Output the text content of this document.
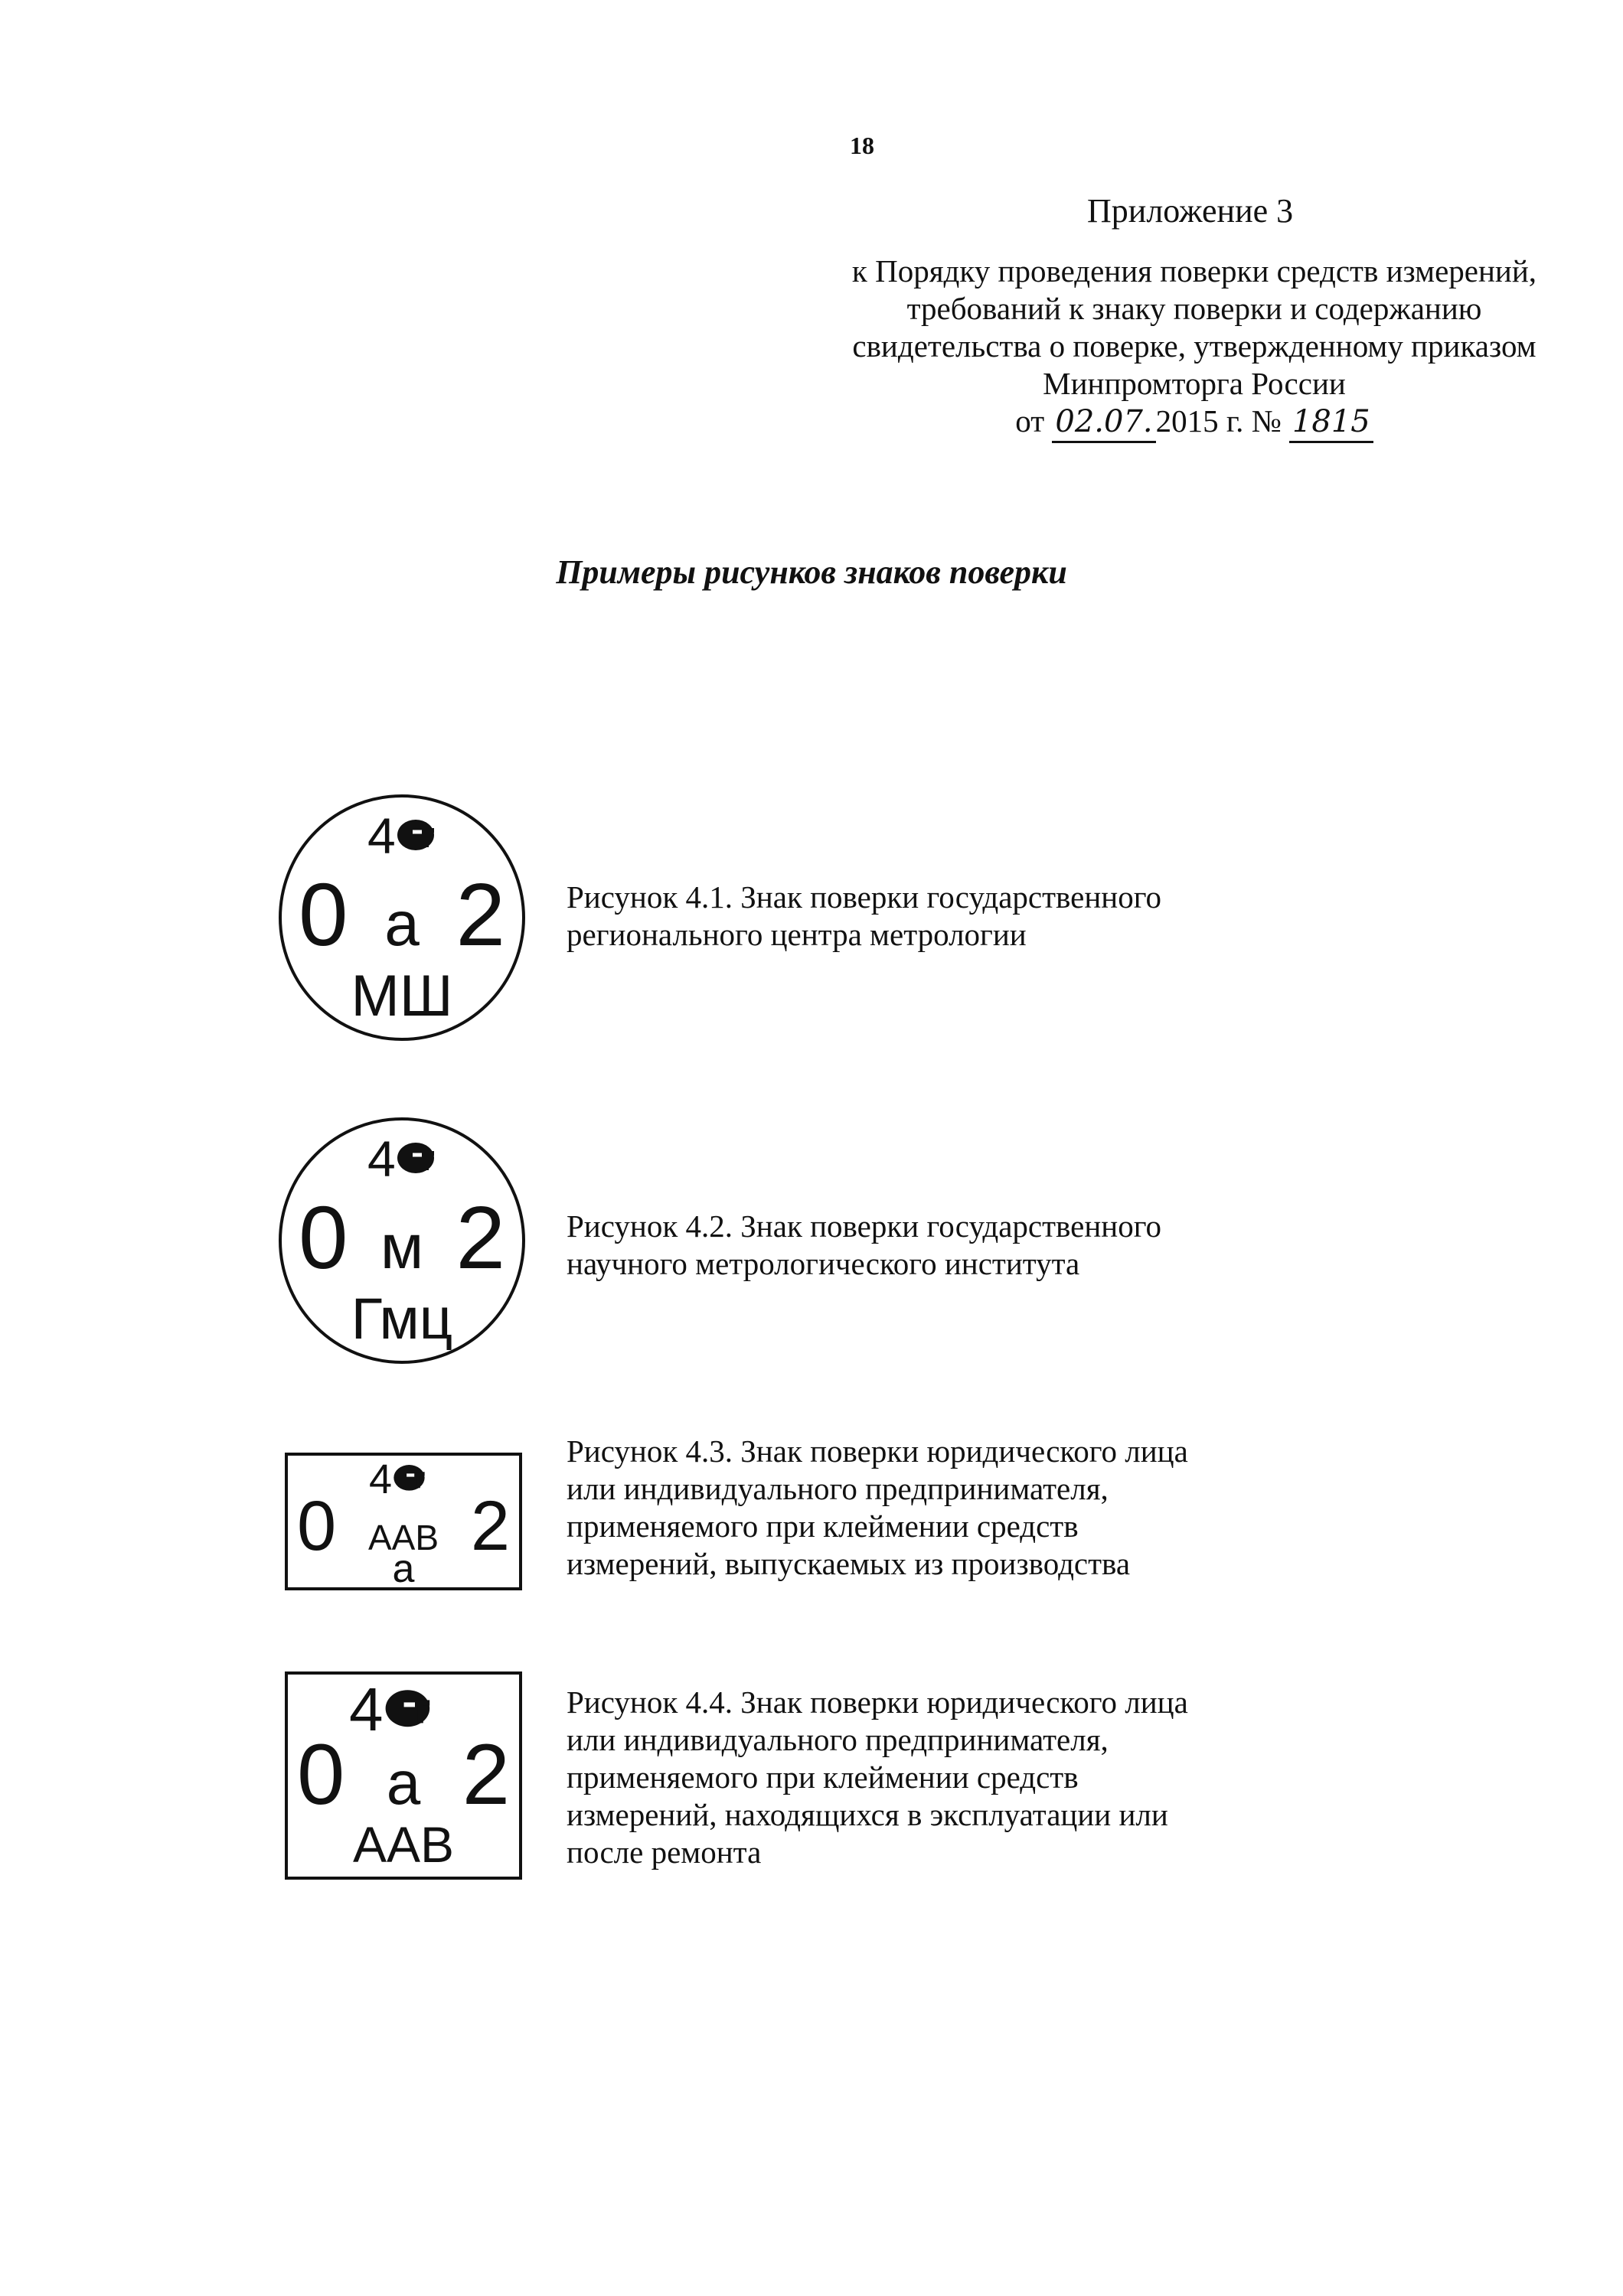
18
Приложение 3
к Порядку проведения поверки средств измерений,
требований к знаку поверки и содержанию
свидетельства о поверке, утвержденному приказом
Минпромторга России
от 02.07.2015 г. № 1815
Примеры рисунков знаков поверки
4
0 а 2
МШ
Рисунок 4.1. Знак поверки государственного
регионального центра метрологии
4
0 м 2
Гмц
Рисунок 4.2. Знак поверки государственного
научного метрологического института
4
0 ААВ 2
а
Рисунок 4.3. Знак поверки юридического лица
или индивидуального предпринимателя,
применяемого при клеймении средств
измерений, выпускаемых из производства
4
0 а 2
ААВ
Рисунок 4.4. Знак поверки юридического лица
или индивидуального предпринимателя,
применяемого при клеймении средств
измерений, находящихся в эксплуатации или
после ремонта
